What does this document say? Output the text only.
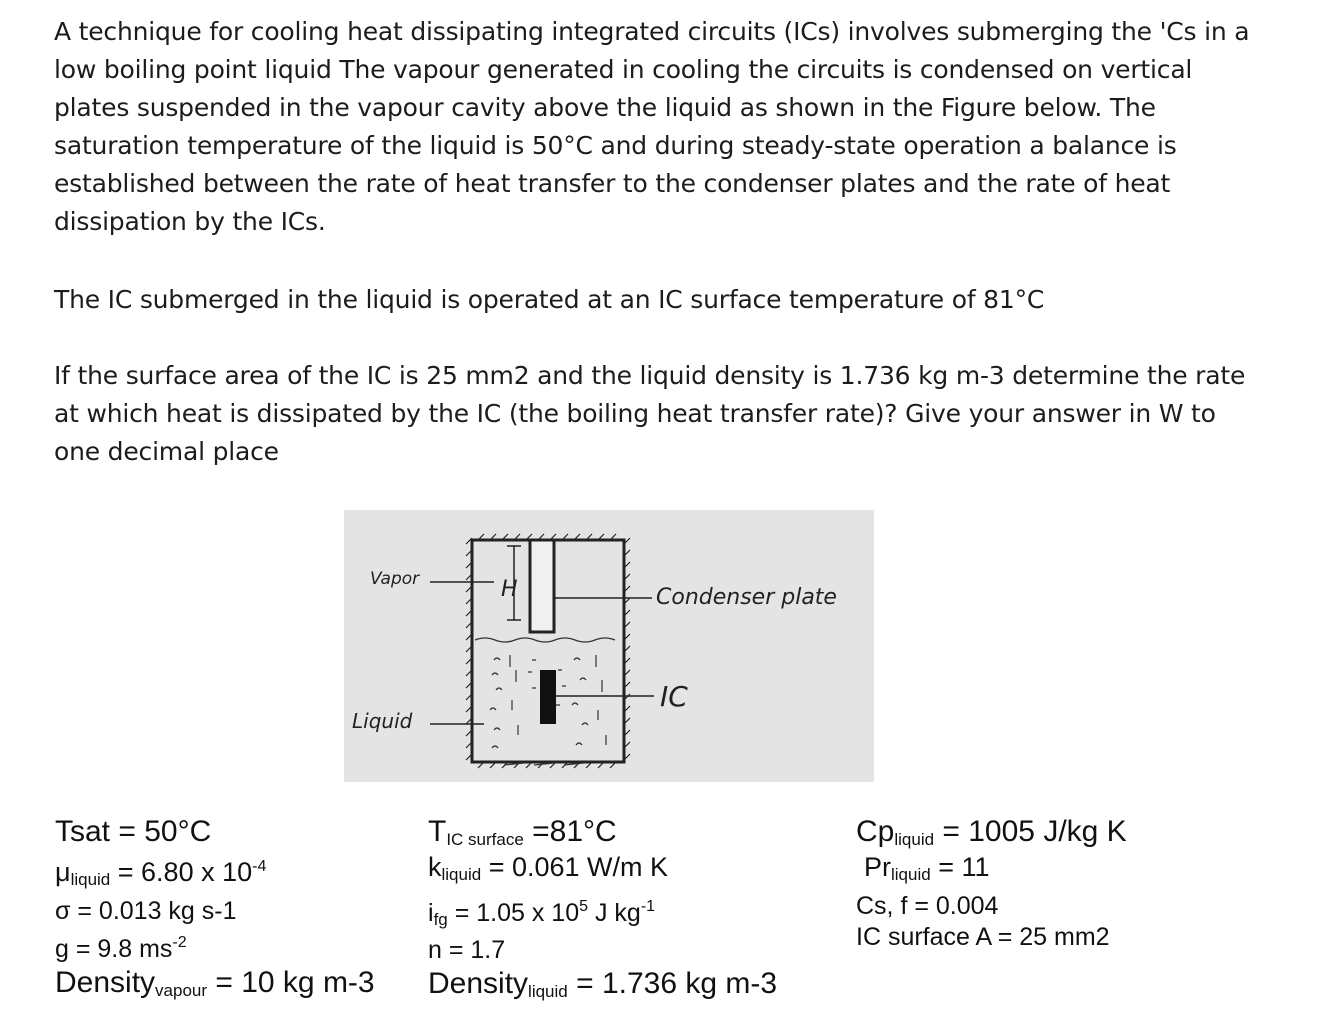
A technique for cooling heat dissipating integrated circuits (ICs) involves submerging the 'Cs in a low boiling point liquid The vapour generated in cooling the circuits is condensed on vertical plates suspended in the vapour cavity above the liquid as shown in the Figure below. The saturation temperature of the liquid is 50°C and during steady-state operation a balance is established between the rate of heat transfer to the condenser plates and the rate of heat dissipation by the ICs.
The IC submerged in the liquid is operated at an IC surface temperature of 81°C
If the surface area of the IC is 25 mm2 and the liquid density is 1.736 kg m-3 determine the rate at which heat is dissipated by the IC (the boiling heat transfer rate)? Give your answer in W to one decimal place
H
Vapor
Liquid
Condenser plate
IC
Tsat = 50°C
$\mu_{liquid} = 6.80$ x $10^{-4}$
σ = 0.013 kg s-1
g = 9.8 $ms^{-2}$
Density$_{vapour}$ = 10 kg m-3
$T_{IC surface} =81^\circ C$
$k_{liquid} = 0.061$ W/m K
$i_{fg} = 1.05$ x $10^5$ J $kg^{-1}$
n = 1.7
Density$_{liquid}$ = 1.736 kg m-3
$Cp_{liquid} = 1005$ J/kg K
$Pr_{liquid} = 11$
Cs, f = 0.004
IC surface A = 25 mm2
